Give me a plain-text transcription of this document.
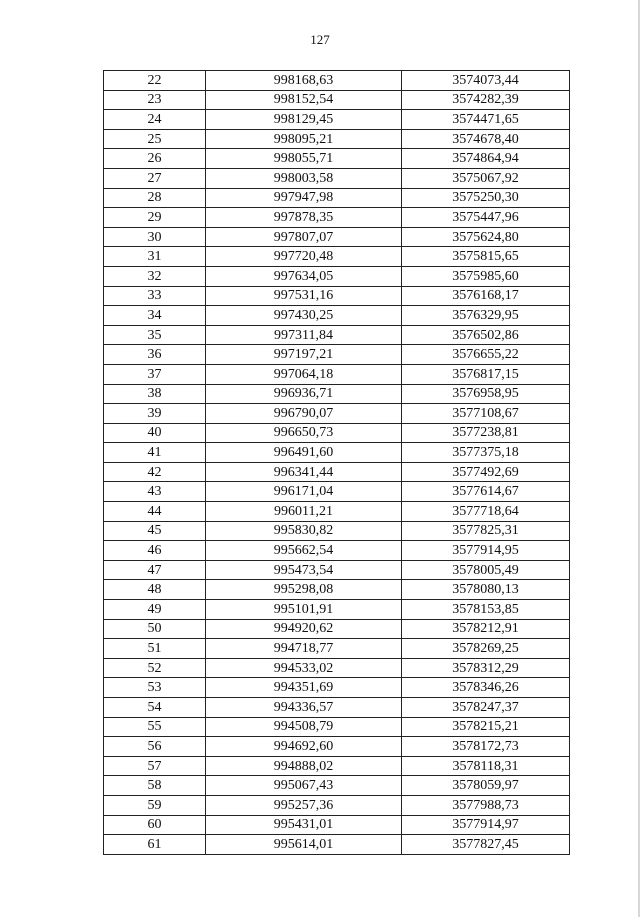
127
22	998168,63	3574073,44
23	998152,54	3574282,39
24	998129,45	3574471,65
25	998095,21	3574678,40
26	998055,71	3574864,94
27	998003,58	3575067,92
28	997947,98	3575250,30
29	997878,35	3575447,96
30	997807,07	3575624,80
31	997720,48	3575815,65
32	997634,05	3575985,60
33	997531,16	3576168,17
34	997430,25	3576329,95
35	997311,84	3576502,86
36	997197,21	3576655,22
37	997064,18	3576817,15
38	996936,71	3576958,95
39	996790,07	3577108,67
40	996650,73	3577238,81
41	996491,60	3577375,18
42	996341,44	3577492,69
43	996171,04	3577614,67
44	996011,21	3577718,64
45	995830,82	3577825,31
46	995662,54	3577914,95
47	995473,54	3578005,49
48	995298,08	3578080,13
49	995101,91	3578153,85
50	994920,62	3578212,91
51	994718,77	3578269,25
52	994533,02	3578312,29
53	994351,69	3578346,26
54	994336,57	3578247,37
55	994508,79	3578215,21
56	994692,60	3578172,73
57	994888,02	3578118,31
58	995067,43	3578059,97
59	995257,36	3577988,73
60	995431,01	3577914,97
61	995614,01	3577827,45
